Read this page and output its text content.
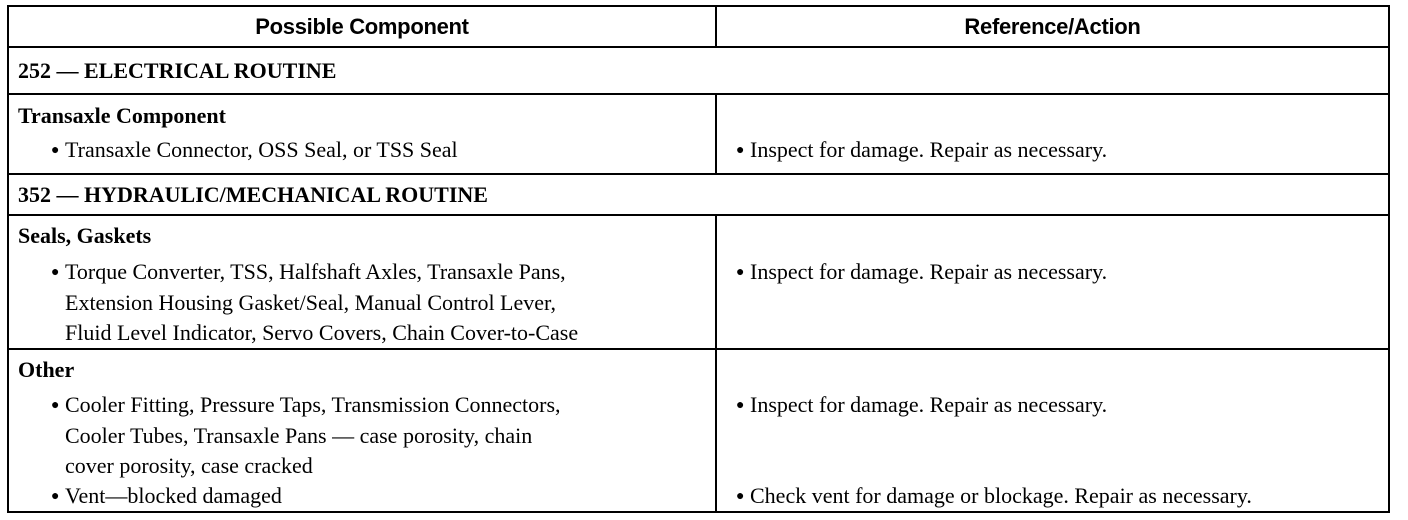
Possible Component	Reference/Action
252 — ELECTRICAL ROUTINE
Transaxle Component
● Transaxle Connector, OSS Seal, or TSS Seal	● Inspect for damage. Repair as necessary.
352 — HYDRAULIC/MECHANICAL ROUTINE
Seals, Gaskets
● Torque Converter, TSS, Halfshaft Axles, Transaxle Pans,
Extension Housing Gasket/Seal, Manual Control Lever,
Fluid Level Indicator, Servo Covers, Chain Cover-to-Case
● Inspect for damage. Repair as necessary.
Other
● Cooler Fitting, Pressure Taps, Transmission Connectors,
Cooler Tubes, Transaxle Pans — case porosity, chain
cover porosity, case cracked
● Vent—blocked damaged
● Inspect for damage. Repair as necessary.
● Check vent for damage or blockage. Repair as necessary.
